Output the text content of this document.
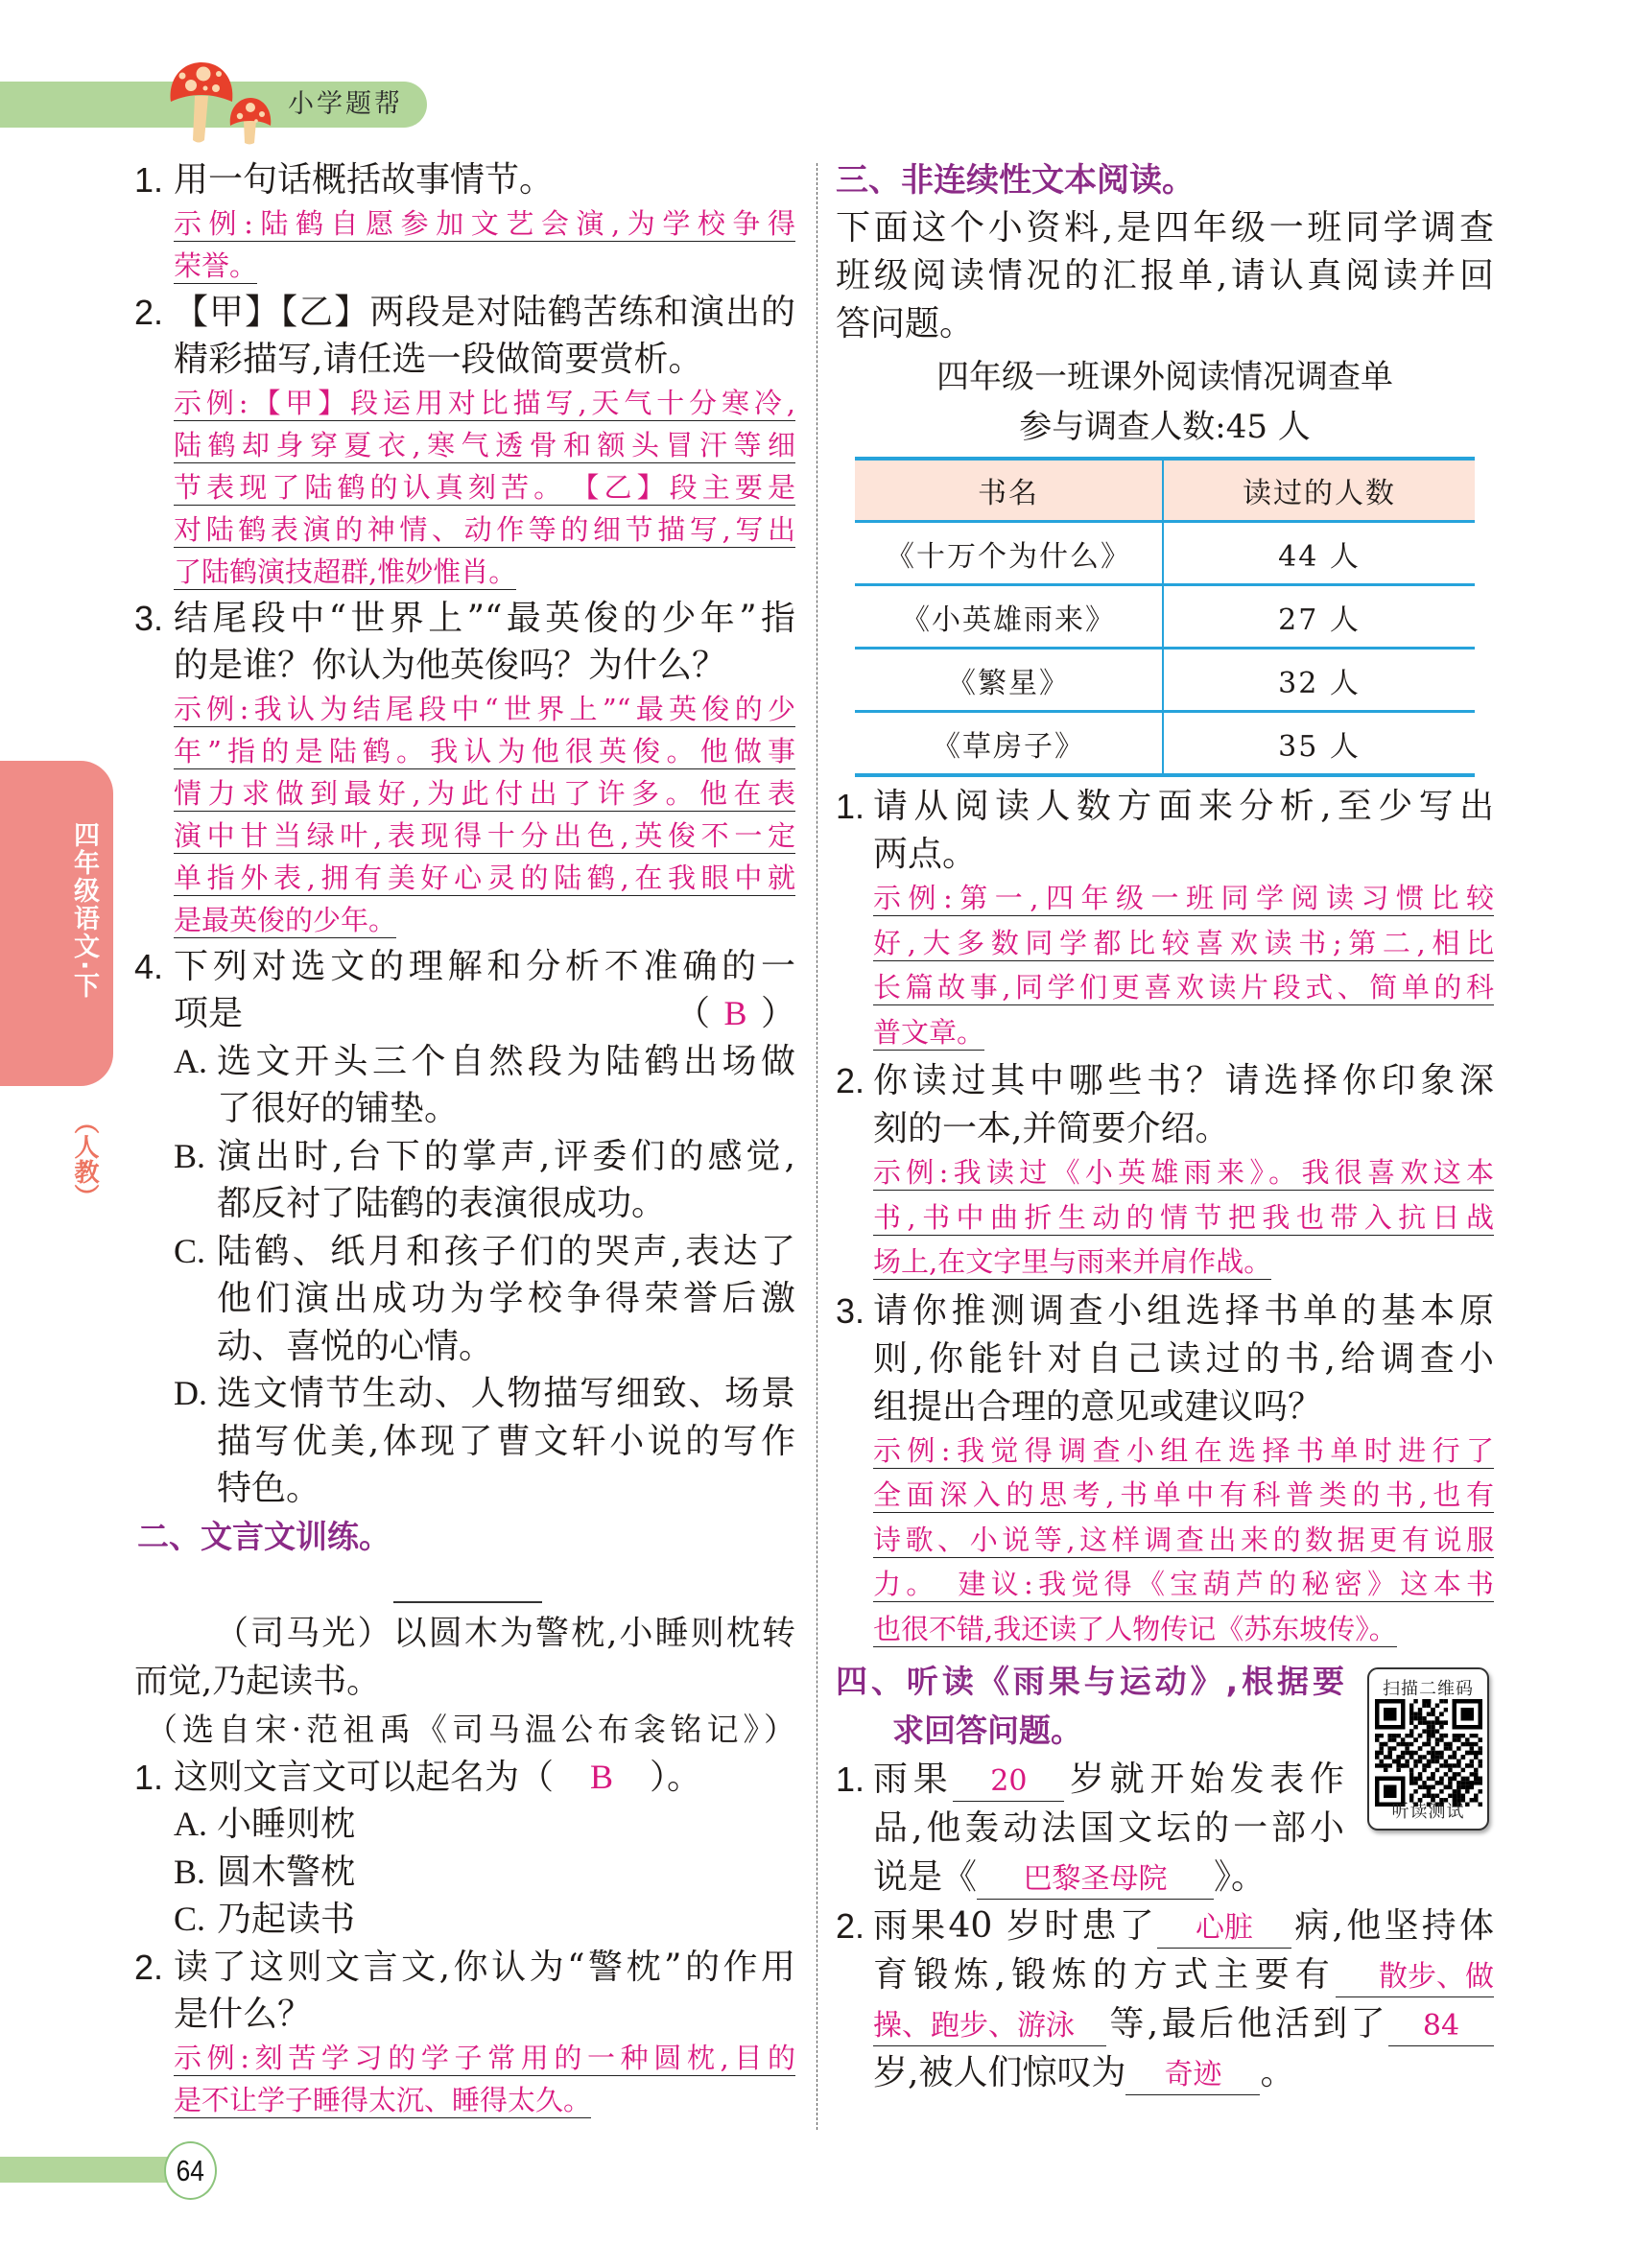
小学题帮
四年级语文·下
（人教）
1. 用一句话概括故事情节。
示例:陆鹤自愿参加文艺会演,为学校争得
荣誉。
2. 【甲】【乙】两段是对陆鹤苦练和演出的
精彩描写,请任选一段做简要赏析。
示例:【甲】段运用对比描写,天气十分寒冷,
陆鹤却身穿夏衣,寒气透骨和额头冒汗等细
节表现了陆鹤的认真刻苦。　【乙】段主要是
对陆鹤表演的神情、动作等的细节描写,写出
了陆鹤演技超群,惟妙惟肖。
3. 结尾段中“世界上”“最英俊的少年”指
的是谁？你认为他英俊吗？为什么？
示例:我认为结尾段中“世界上”“最英俊的少
年”指的是陆鹤。我认为他很英俊。他做事
情力求做到最好,为此付出了许多。他在表
演中甘当绿叶,表现得十分出色,英俊不一定
单指外表,拥有美好心灵的陆鹤,在我眼中就
是最英俊的少年。
4. 下列对选文的理解和分析不准确的一
项是	（ B ）
A. 选文开头三个自然段为陆鹤出场做
了很好的铺垫。
B. 演出时,台下的掌声,评委们的感觉,
都反衬了陆鹤的表演很成功。
C. 陆鹤、纸月和孩子们的哭声,表达了
他们演出成功为学校争得荣誉后激
动、喜悦的心情。
D. 选文情节生动、人物描写细致、场景
描写优美,体现了曹文轩小说的写作
特色。
二、文言文训练。
（司马光）以圆木为警枕,小睡则枕转
而觉,乃起读书。
（选自宋·范祖禹《司马温公布衾铭记》）
1. 这则文言文可以起名为（ B ）。
A. 小睡则枕
B. 圆木警枕
C. 乃起读书
2. 读了这则文言文,你认为“警枕”的作用
是什么？
示例:刻苦学习的学子常用的一种圆枕,目的
是不让学子睡得太沉、睡得太久。
三、非连续性文本阅读。
下面这个小资料,是四年级一班同学调查
班级阅读情况的汇报单,请认真阅读并回
答问题。
四年级一班课外阅读情况调查单
参与调查人数:45 人
书名	读过的人数
《十万个为什么》	44 人
《小英雄雨来》	27 人
《繁星》	32 人
《草房子》	35 人
1. 请从阅读人数方面来分析,至少写出
两点。
示例:第一,四年级一班同学阅读习惯比较
好,大多数同学都比较喜欢读书;第二,相比
长篇故事,同学们更喜欢读片段式、简单的科
普文章。
2. 你读过其中哪些书？请选择你印象深
刻的一本,并简要介绍。
示例:我读过《小英雄雨来》。我很喜欢这本
书,书中曲折生动的情节把我也带入抗日战
场上,在文字里与雨来并肩作战。
3. 请你推测调查小组选择书单的基本原
则,你能针对自己读过的书,给调查小
组提出合理的意见或建议吗？
示例:我觉得调查小组在选择书单时进行了
全面深入的思考,书单中有科普类的书,也有
诗歌、小说等,这样调查出来的数据更有说服
力。　建议:我觉得《宝葫芦的秘密》这本书
也很不错,我还读了人物传记《苏东坡传》。
四、听读《雨果与运动》,根据要
求回答问题。
1. 雨果 20 岁就开始发表作
品,他轰动法国文坛的一部小
说是《 巴黎圣母院 》。
2. 雨果40 岁时患了 心脏 病,他坚持体
育锻炼,锻炼的方式主要有 散步、做
操、跑步、游泳 等,最后他活到了 84
岁,被人们惊叹为 奇迹 。
扫描二维码
听读测试
64
